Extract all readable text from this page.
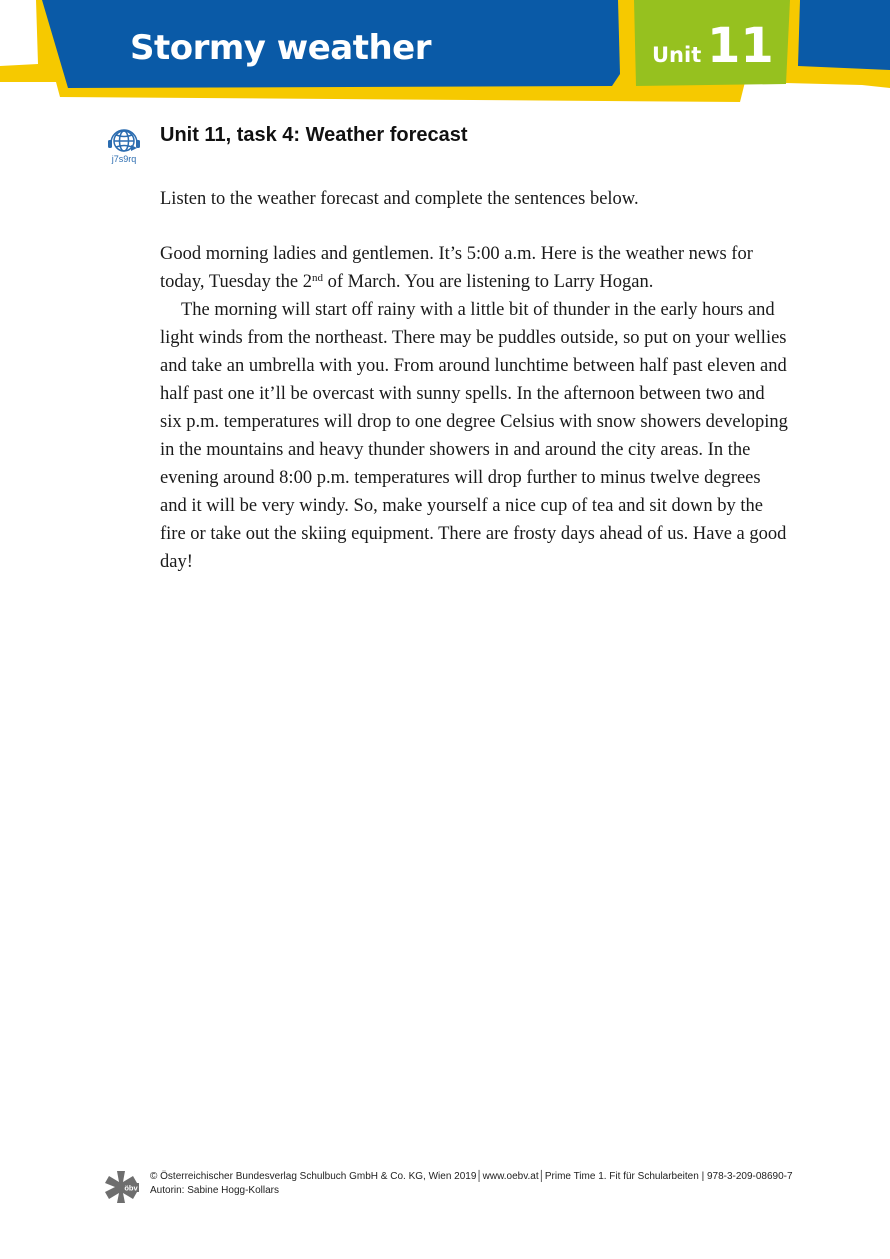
Stormy weather	Unit 11
j7s9rq
Unit 11, task 4: Weather forecast

Listen to the weather forecast and complete the sentences below.

Good morning ladies and gentlemen. It’s 5:00 a.m. Here is the weather news for today, Tuesday the 2nd of March. You are listening to Larry Hogan.

The morning will start off rainy with a little bit of thunder in the early hours and light winds from the northeast. There may be puddles outside, so put on your wellies and take an umbrella with you. From around lunchtime between half past eleven and half past one it’ll be overcast with sunny spells. In the afternoon between two and six p.m. temperatures will drop to one degree Celsius with snow showers developing in the mountains and heavy thunder showers in and around the city areas. In the evening around 8:00 p.m. temperatures will drop further to minus twelve degrees and it will be very windy. So, make yourself a nice cup of tea and sit down by the fire or take out the skiing equipment. There are frosty days ahead of us. Have a good day!

öbv
© Österreichischer Bundesverlag Schulbuch GmbH & Co. KG, Wien 2019│www.oebv.at│Prime Time 1. Fit für Schularbeiten | 978-3-209-08690-7
Autorin: Sabine Hogg-Kollars
